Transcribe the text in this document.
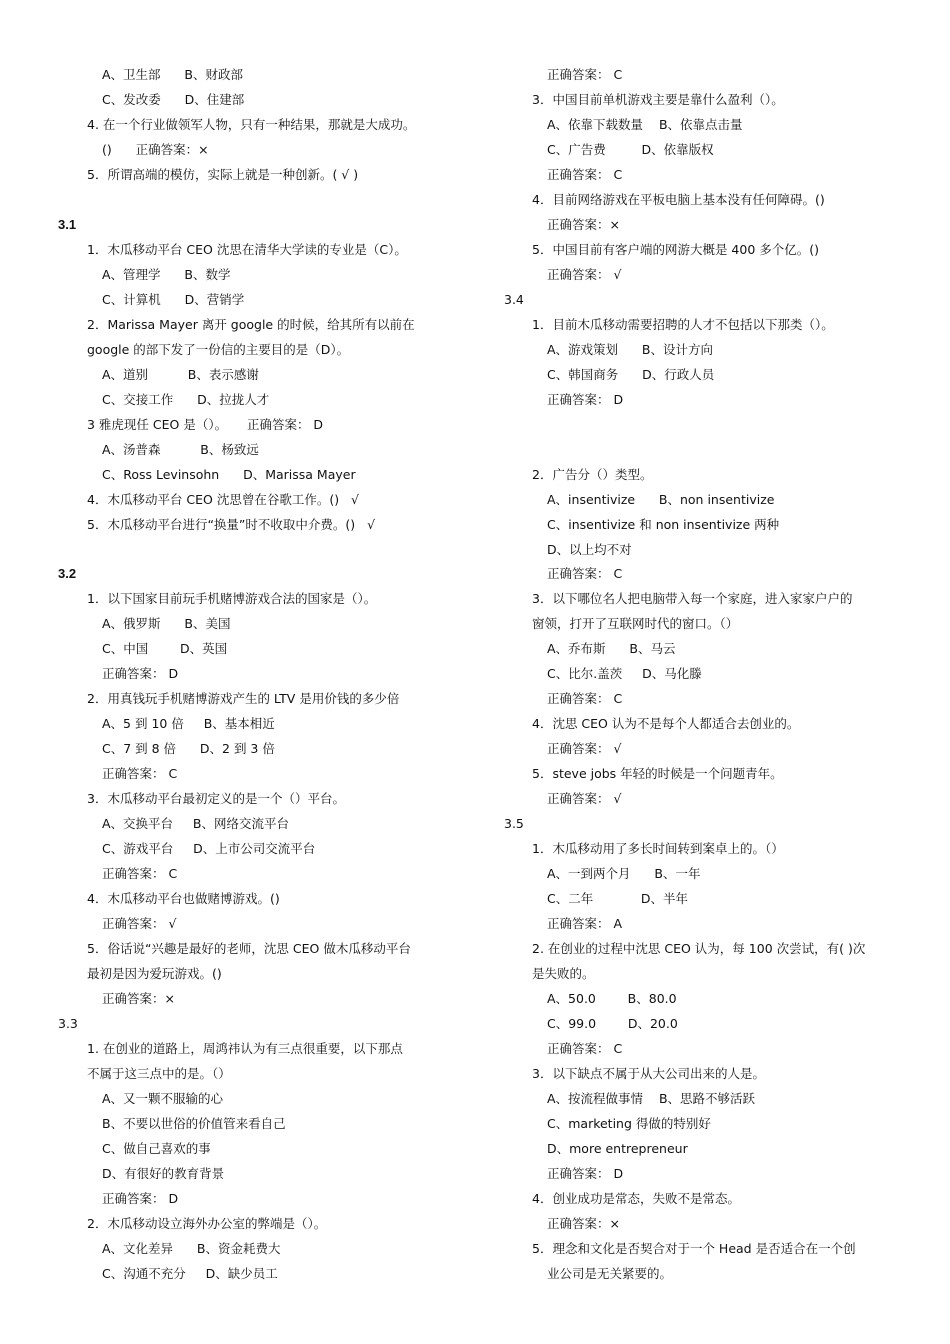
A、卫生部      B、财政部
C、发改委      D、住建部
4. 在一个行业做领军人物，只有一种结果，那就是大成功。
()      正确答案：×
5．所谓高端的模仿，实际上就是一种创新。( √ )
3.1
1．木瓜移动平台 CEO 沈思在清华大学读的专业是（C）。
A、管理学      B、数学
C、计算机      D、营销学
2．Marissa Mayer 离开 google 的时候，给其所有以前在
google 的部下发了一份信的主要目的是（D）。
A、道别          B、表示感谢
C、交接工作      D、拉拢人才
3 雅虎现任 CEO 是（）。     正确答案： D
A、汤普森          B、杨致远
C、Ross Levinsohn      D、Marissa Mayer
4．木瓜移动平台 CEO 沈思曾在谷歌工作。()   √
5．木瓜移动平台进行“换量”时不收取中介费。()   √
3.2
1．以下国家目前玩手机赌博游戏合法的国家是（）。
A、俄罗斯      B、美国
C、中国        D、英国
正确答案： D
2．用真钱玩手机赌博游戏产生的 LTV 是用价钱的多少倍
A、5 到 10 倍     B、基本相近
C、7 到 8 倍      D、2 到 3 倍
正确答案： C
3．木瓜移动平台最初定义的是一个（）平台。
A、交换平台     B、网络交流平台
C、游戏平台     D、上市公司交流平台
正确答案： C
4．木瓜移动平台也做赌博游戏。()
正确答案： √
5．俗话说“兴趣是最好的老师，沈思 CEO 做木瓜移动平台
最初是因为爱玩游戏。()
正确答案：×
3.3
1. 在创业的道路上，周鸿祎认为有三点很重要，以下那点
不属于这三点中的是。（）
A、又一颗不服输的心
B、不要以世俗的价值管来看自己
C、做自己喜欢的事
D、有很好的教育背景
正确答案： D
2．木瓜移动设立海外办公室的弊端是（）。
A、文化差异      B、资金耗费大
C、沟通不充分     D、缺少员工
正确答案： C
3．中国目前单机游戏主要是靠什么盈利（）。
A、依靠下载数量    B、依靠点击量
C、广告费         D、依靠版权
正确答案： C
4．目前网络游戏在平板电脑上基本没有任何障碍。()
正确答案：×
5．中国目前有客户端的网游大概是 400 多个亿。()
正确答案： √
3.4
1．目前木瓜移动需要招聘的人才不包括以下那类（）。
A、游戏策划      B、设计方向
C、韩国商务      D、行政人员
正确答案： D
2．广告分（）类型。
A、insentivize      B、non insentivize
C、insentivize 和 non insentivize 两种
D、以上均不对
正确答案： C
3．以下哪位名人把电脑带入每一个家庭，进入家家户户的
窗领，打开了互联网时代的窗口。（）
A、乔布斯      B、马云
C、比尔.盖茨     D、马化滕
正确答案： C
4．沈思 CEO 认为不是每个人都适合去创业的。
正确答案： √
5．steve jobs 年轻的时候是一个问题青年。
正确答案： √
3.5
1．木瓜移动用了多长时间转到案卓上的。（）
A、一到两个月      B、一年
C、二年            D、半年
正确答案： A
2. 在创业的过程中沈思 CEO 认为，每 100 次尝试，有( )次
是失败的。
A、50.0        B、80.0
C、99.0        D、20.0
正确答案： C
3．以下缺点不属于从大公司出来的人是。
A、按流程做事情    B、思路不够活跃
C、marketing 得做的特别好
D、more entrepreneur
正确答案： D
4．创业成功是常态，失败不是常态。
正确答案：×
5．理念和文化是否契合对于一个 Head 是否适合在一个创
业公司是无关紧要的。
